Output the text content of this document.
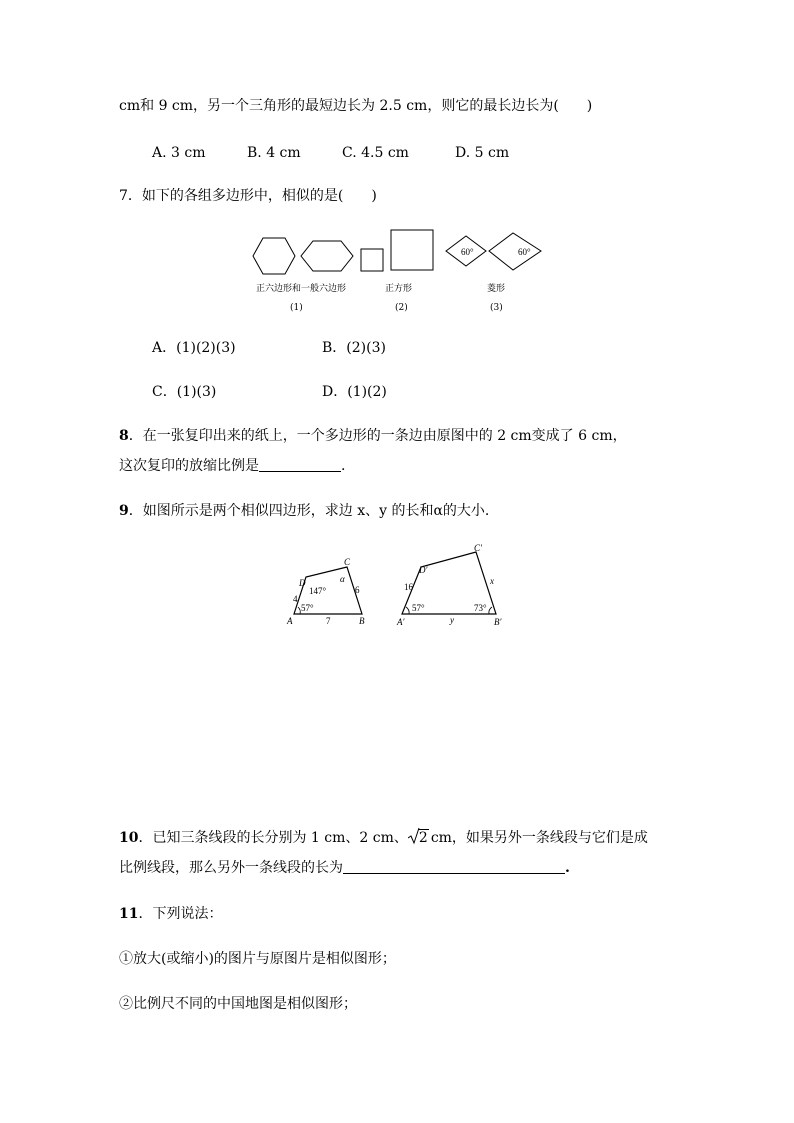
cm和 9 cm，另一个三角形的最短边长为 2.5 cm，则它的最长边长为(　　)
A. 3 cm	B. 4 cm	C. 4.5 cm	D. 5 cm
7．如下的各组多边形中，相似的是(　　)
60°	60°
正六边形和一般六边形	正方形	菱形
(1)	(2)	(3)
A．(1)(2)(3)	B．(2)(3)
C．(1)(3)	D．(1)(2)
8．在一张复印出来的纸上，一个多边形的一条边由原图中的 2 cm变成了 6 cm，
这次复印的放缩比例是	.
9．如图所示是两个相似四边形，求边 x、y 的长和α的大小.
A	B
C
D
4
7
6
147°
57°
α
A′	B′
C′
D′
16
y
x
57°	73°
10．已知三条线段的长分别为 1 cm、2 cm、 2 cm，如果另外一条线段与它们是成
比例线段，那么另外一条线段的长为	.
11．下列说法：
①放大(或缩小)的图片与原图片是相似图形；
②比例尺不同的中国地图是相似图形；
